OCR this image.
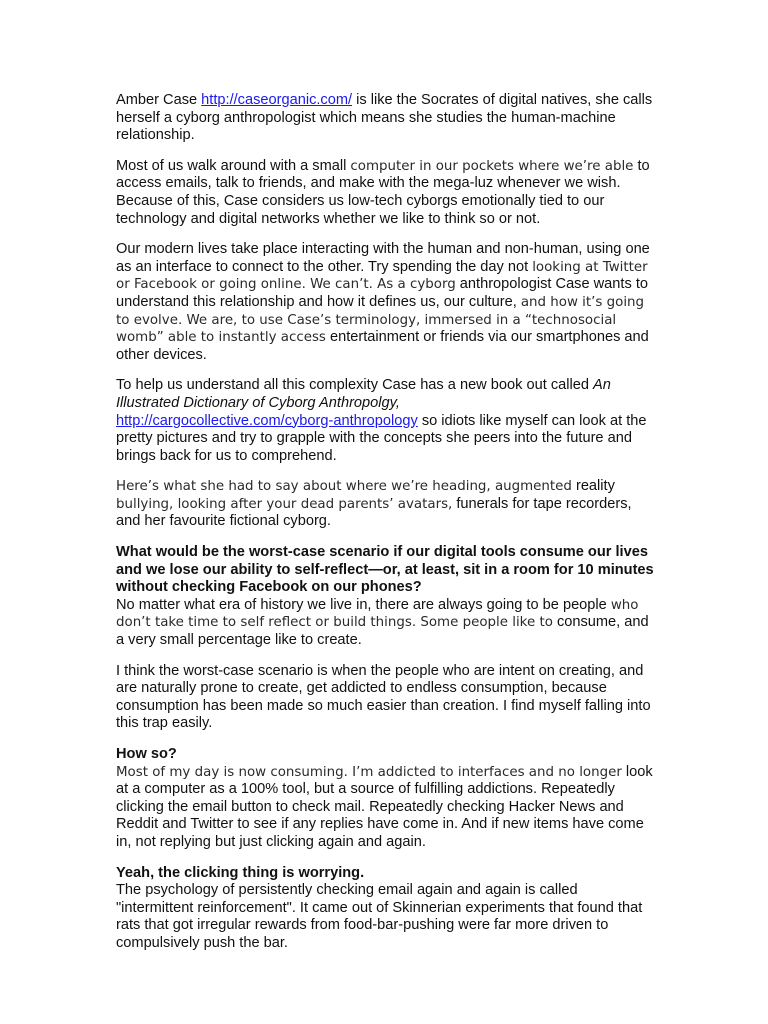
Amber Case http://caseorganic.com/ is like the Socrates of digital natives, she calls herself a cyborg anthropologist which means she studies the human-machine relationship.

Most of us walk around with a small computer in our pockets where we’re able to access emails, talk to friends, and make with the mega-luz whenever we wish. Because of this, Case considers us low-tech cyborgs emotionally tied to our technology and digital networks whether we like to think so or not.

Our modern lives take place interacting with the human and non-human, using one as an interface to connect to the other. Try spending the day not looking at Twitter or Facebook or going online. We can’t. As a cyborg anthropologist Case wants to understand this relationship and how it defines us, our culture, and how it’s going to evolve. We are, to use Case’s terminology, immersed in a “technosocial womb” able to instantly access entertainment or friends via our smartphones and other devices.

To help us understand all this complexity Case has a new book out called An Illustrated Dictionary of Cyborg Anthropolgy,
http://cargocollective.com/cyborg-anthropology so idiots like myself can look at the pretty pictures and try to grapple with the concepts she peers into the future and brings back for us to comprehend.

Here’s what she had to say about where we’re heading, augmented reality bullying, looking after your dead parents’ avatars, funerals for tape recorders, and her favourite fictional cyborg.

What would be the worst-case scenario if our digital tools consume our lives and we lose our ability to self-reflect—or, at least, sit in a room for 10 minutes without checking Facebook on our phones?

No matter what era of history we live in, there are always going to be people who don’t take time to self reflect or build things. Some people like to consume, and a very small percentage like to create.

I think the worst-case scenario is when the people who are intent on creating, and are naturally prone to create, get addicted to endless consumption, because consumption has been made so much easier than creation. I find myself falling into this trap easily.

How so?

Most of my day is now consuming. I’m addicted to interfaces and no longer look at a computer as a 100% tool, but a source of fulfilling addictions. Repeatedly clicking the email button to check mail. Repeatedly checking Hacker News and Reddit and Twitter to see if any replies have come in. And if new items have come in, not replying but just clicking again and again.

Yeah, the clicking thing is worrying.

The psychology of persistently checking email again and again is called "intermittent reinforcement". It came out of Skinnerian experiments that found that rats that got irregular rewards from food-bar-pushing were far more driven to compulsively push the bar.
